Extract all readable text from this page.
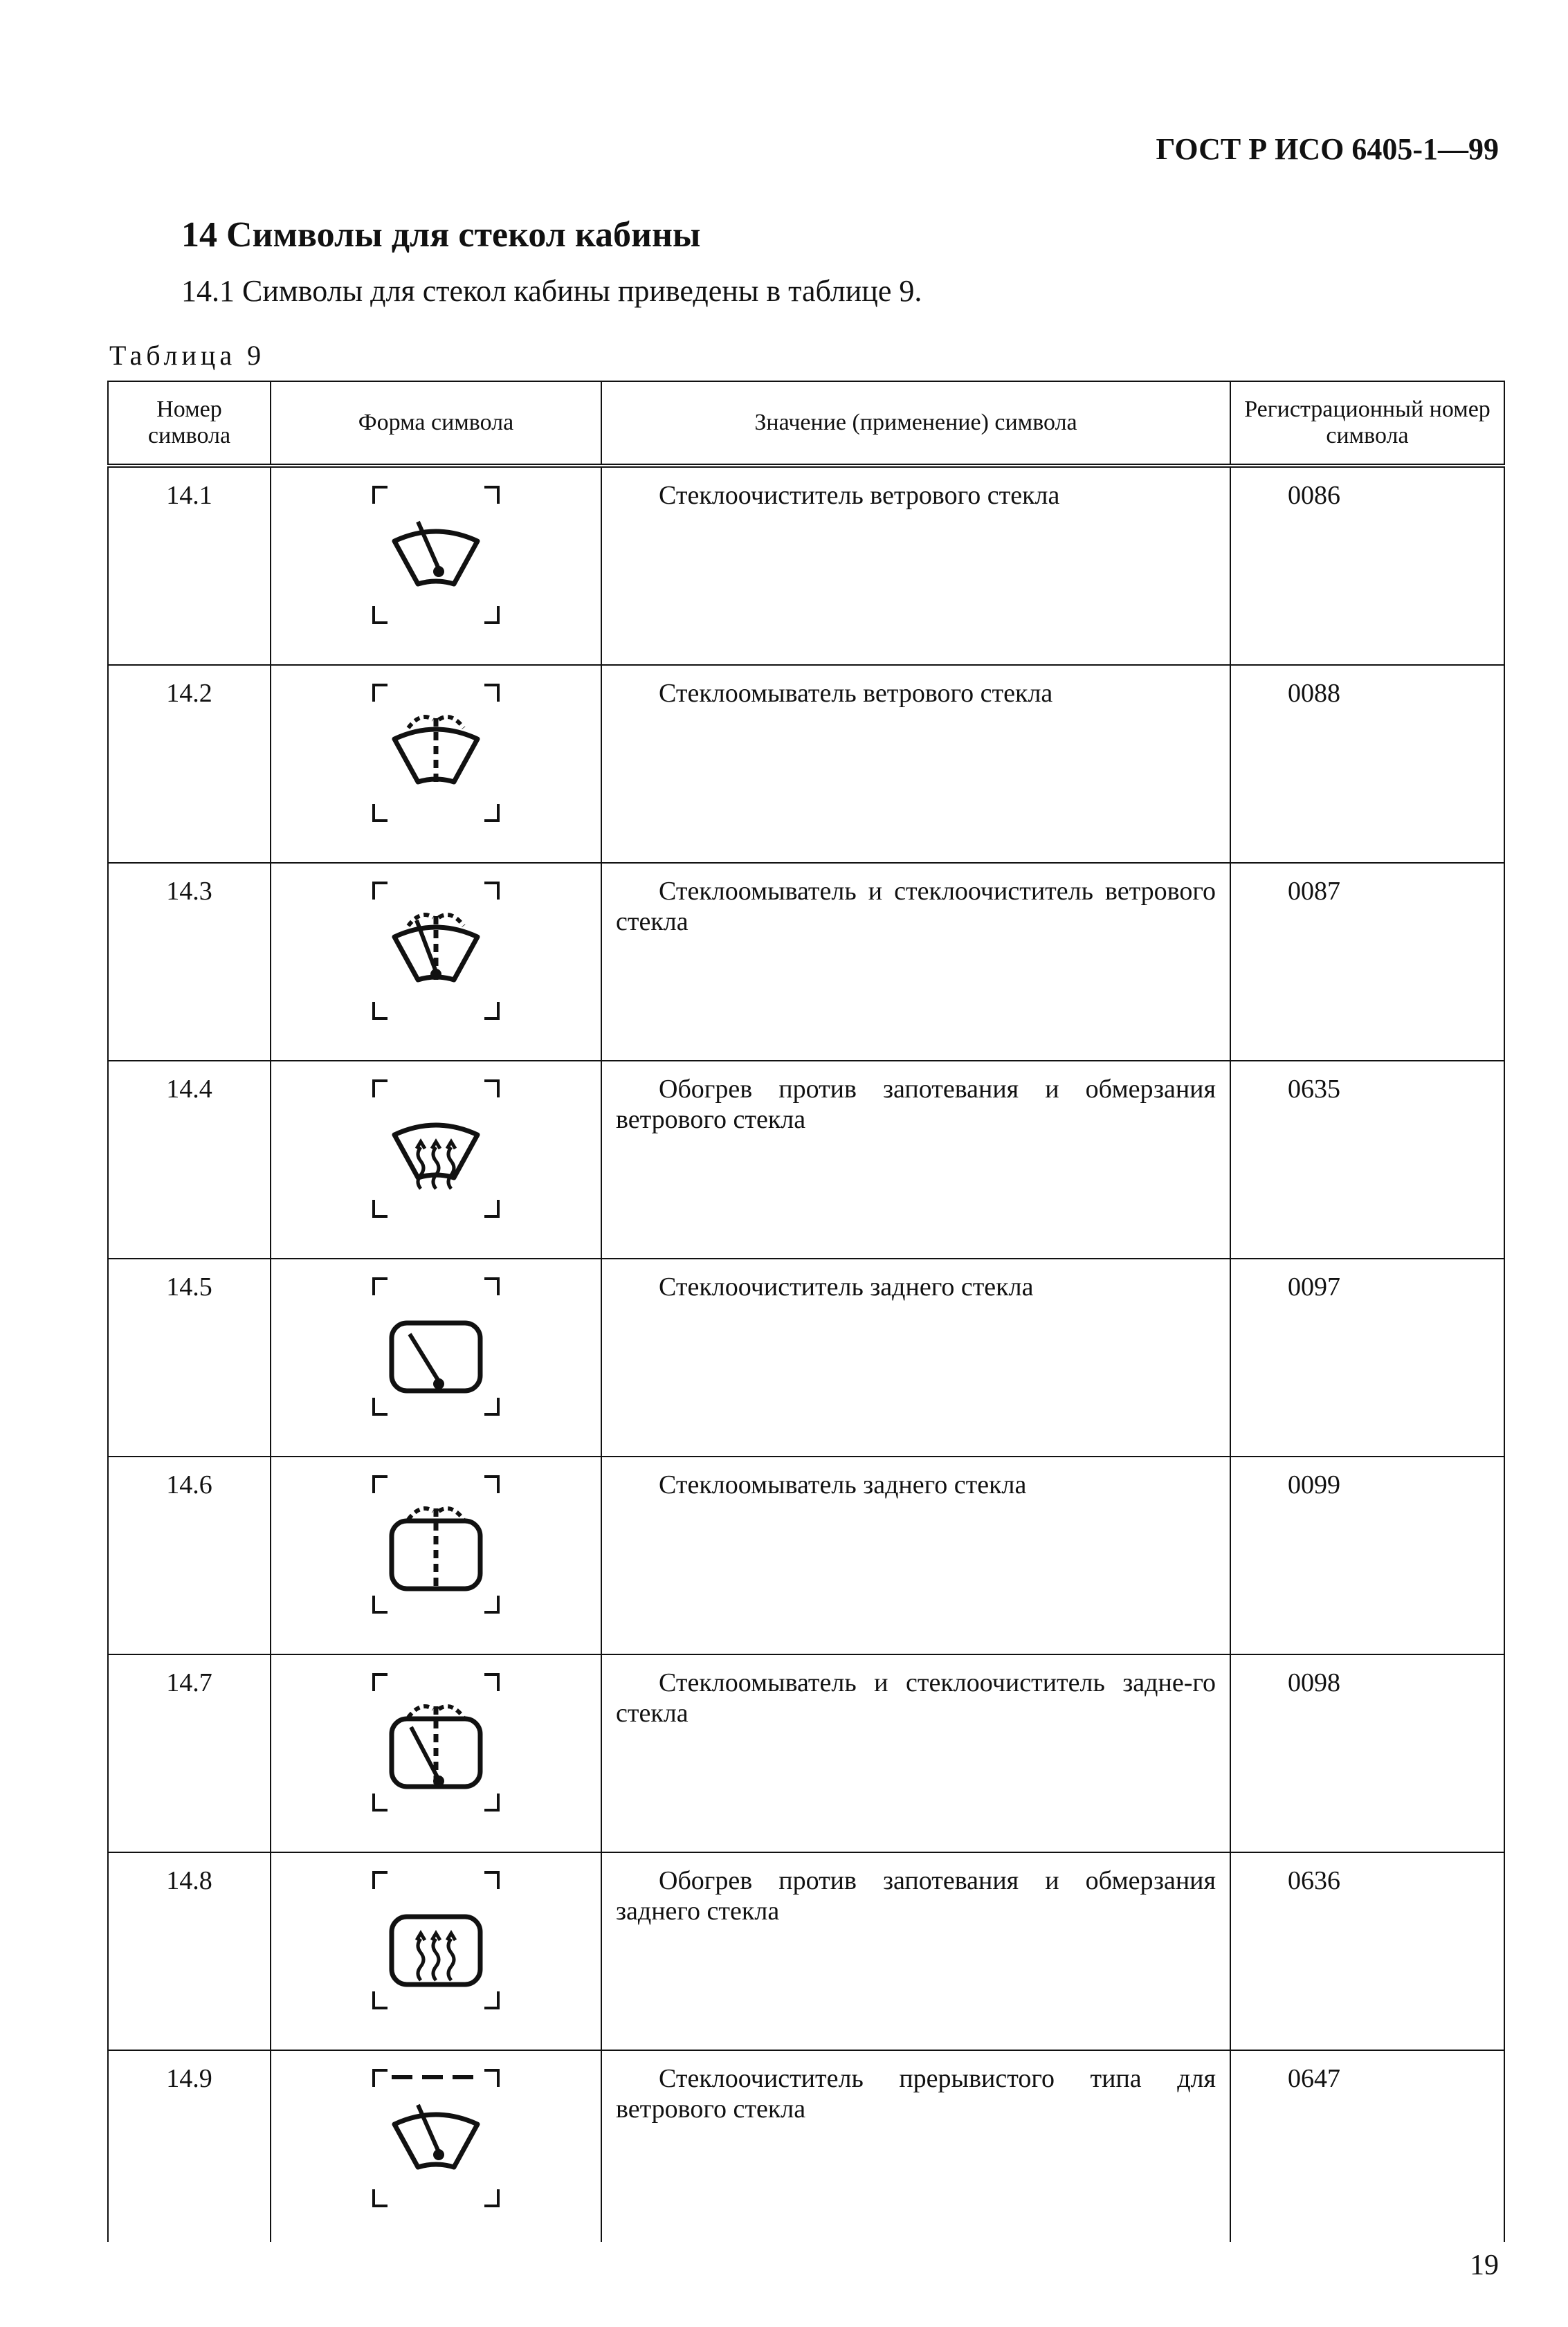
ГОСТ Р ИСО 6405-1—99
14 Символы для стекол кабины
14.1 Символы для стекол кабины приведены в таблице 9.
Таблица 9
Номер символа	Форма символа	Значение (применение) символа	Регистрационный номер символа
14.1		Стеклоочиститель ветрового стекла	0086
14.2		Стеклоомыватель ветрового стекла	0088
14.3		Стеклоомыватель и стеклоочиститель ветрового стекла	0087
14.4		Обогрев против запотевания и обмерзания ветрового стекла	0635
14.5		Стеклоочиститель заднего стекла	0097
14.6		Стеклоомыватель заднего стекла	0099
14.7		Стеклоомыватель и стеклоочиститель задне-го стекла	0098
14.8		Обогрев против запотевания и обмерзания заднего стекла	0636
14.9		Стеклоочиститель прерывистого типа для ветрового стекла	0647
19
